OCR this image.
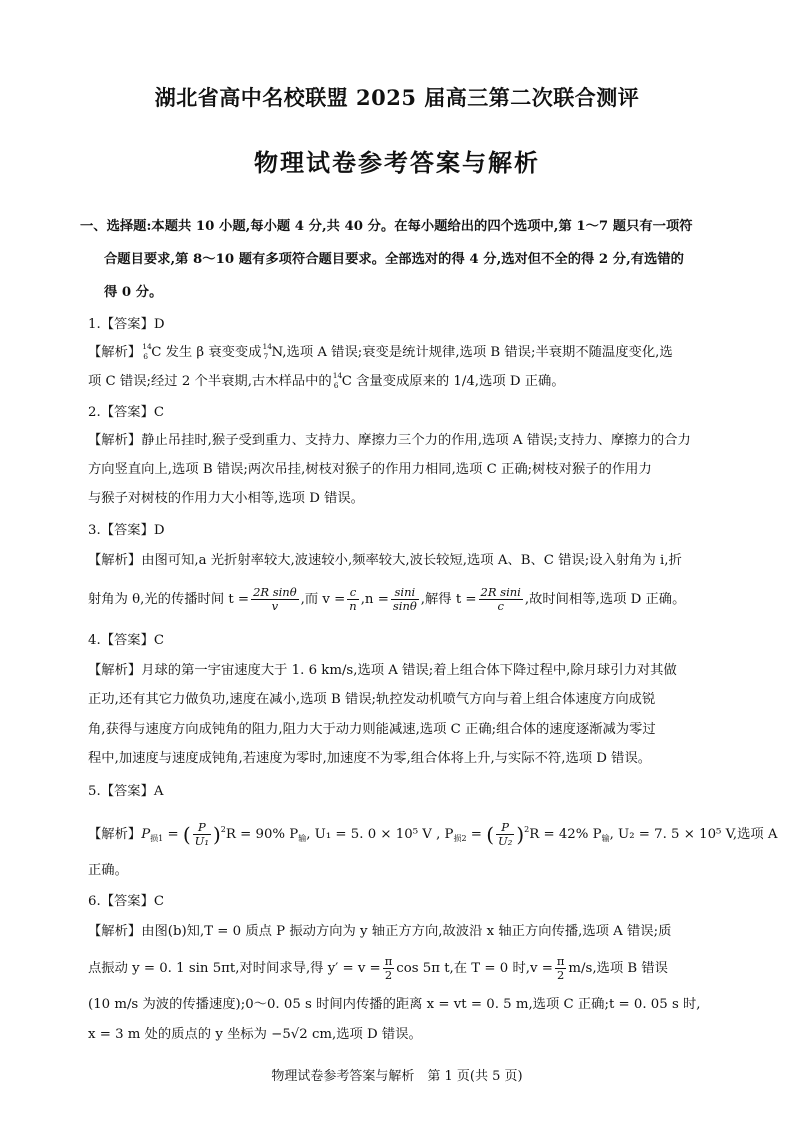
湖北省高中名校联盟 2025 届高三第二次联合测评
物理试卷参考答案与解析
一、选择题:本题共 10 小题,每小题 4 分,共 40 分。在每小题给出的四个选项中,第 1～7 题只有一项符
合题目要求,第 8～10 题有多项符合题目要求。全部选对的得 4 分,选对但不全的得 2 分,有选错的
得 0 分。
1.【答案】D
【解析】 14
6 C 发生 β 衰变变成 14
7 N,选项 A 错误;衰变是统计规律,选项 B 错误;半衰期不随温度变化,选
项 C 错误;经过 2 个半衰期,古木样品中的 14
6 C 含量变成原来的 1/4,选项 D 正确。
2.【答案】C
【解析】静止吊挂时,猴子受到重力、支持力、摩擦力三个力的作用,选项 A 错误;支持力、摩擦力的合力
方向竖直向上,选项 B 错误;两次吊挂,树枝对猴子的作用力相同,选项 C 正确;树枝对猴子的作用力
与猴子对树枝的作用力大小相等,选项 D 错误。
3.【答案】D
【解析】由图可知,a 光折射率较大,波速较小,频率较大,波长较短,选项 A、B、C 错误;设入射角为 i,折
射角为 θ,光的传播时间 $t = \frac{\text{2R sinθ}}{v}$ ,而 $v = \frac{c}{n} ,n = \frac{\sin i}{\sin\theta}$ ,解得 $t = \frac{\text{2R sini}}{c}$ ,故时间相等,选项 D 正确。
4.【答案】C
【解析】月球的第一宇宙速度大于 1. 6 km/s,选项 A 错误;着上组合体下降过程中,除月球引力对其做
正功,还有其它力做负功,速度在减小,选项 B 错误;轨控发动机喷气方向与着上组合体速度方向成锐
角,获得与速度方向成钝角的阻力,阻力大于动力则能减速,选项 C 正确;组合体的速度逐渐减为零过
程中,加速度与速度成钝角,若速度为零时,加速度不为零,组合体将上升,与实际不符,选项 D 错误。
5.【答案】A
【解析】$P_{损1}$ = ( $\frac{P}{\text{U₁}} )^2R = 90\%$ $P_输$, U₁ = 5. 0 × 10⁵ V , $P_{损2}$ = ( $\frac{P}{\text{U₂}} )^2R = 42\%$ $P_输$, U₂ = 7. 5 × 10⁵ V,选项 A
正确。
6.【答案】C
【解析】由图(b)知,T = 0 质点 P 振动方向为 y 轴正方方向,故波沿 x 轴正方向传播,选项 A 错误;质
点振动 y = 0. 1 sin 5πt,对时间求导,得 $y' = v = \frac{\pi}{2}$ cos 5π t,在 T = 0 时$,v = \frac{\pi}{2} m/s$,选项 B 错误
(10 m/s 为波的传播速度);0～0. 05 s 时间内传播的距离 x = vt = 0. 5 m,选项 C 正确;t = 0. 05 s 时,
x = 3 m 处的质点的 y 坐标为 −5√2 cm,选项 D 错误。
物理试卷参考答案与解析　第 1 页(共 5 页)
